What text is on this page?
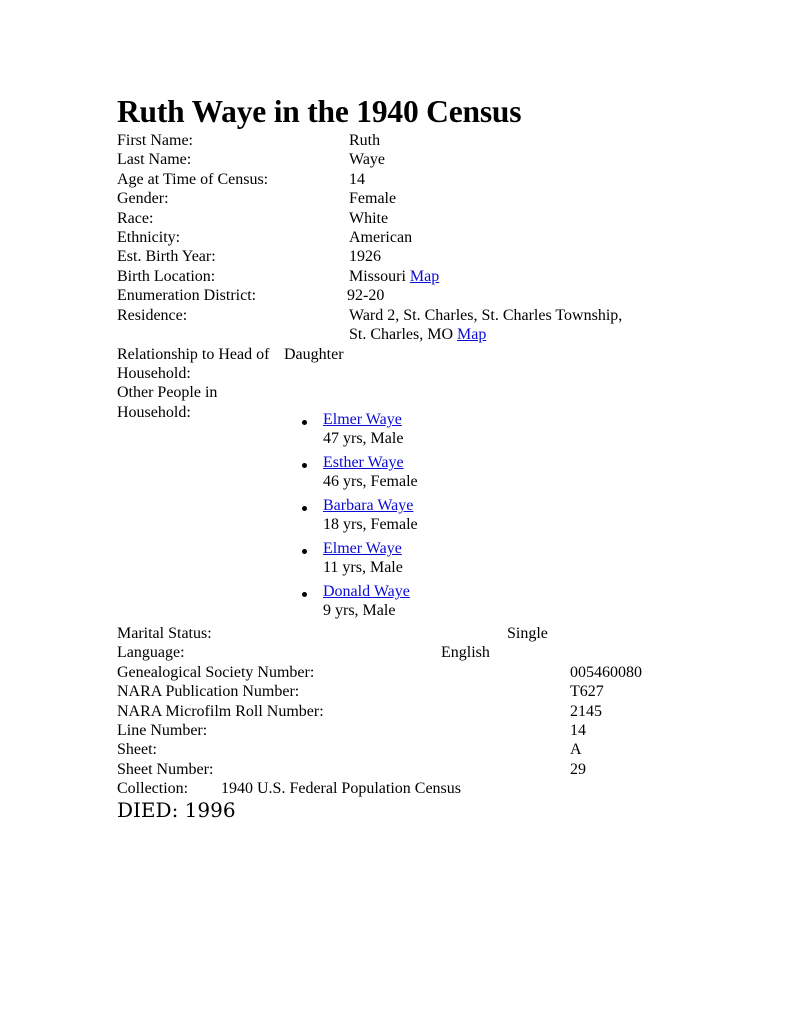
Ruth Waye in the 1940 Census
First Name:	Ruth
Last Name:	Waye
Age at Time of Census:	14
Gender:	Female
Race:	White
Ethnicity:	American
Est. Birth Year:	1926
Birth Location:	Missouri Map
Enumeration District:	92-20
Residence:	Ward 2, St. Charles, St. Charles Township,
St. Charles, MO Map
Relationship to Head of
Household:
Daughter
Other People in
Household:	Elmer Waye
47 yrs, Male
Esther Waye
46 yrs, Female
Barbara Waye
18 yrs, Female
Elmer Waye
11 yrs, Male
Donald Waye
9 yrs, Male
Marital Status:	Single
Language:	English
Genealogical Society Number:	005460080
NARA Publication Number:	T627
NARA Microfilm Roll Number:	2145
Line Number:	14
Sheet:	A
Sheet Number:	29
Collection: 1940 U.S. Federal Population Census
DIED: 1996
